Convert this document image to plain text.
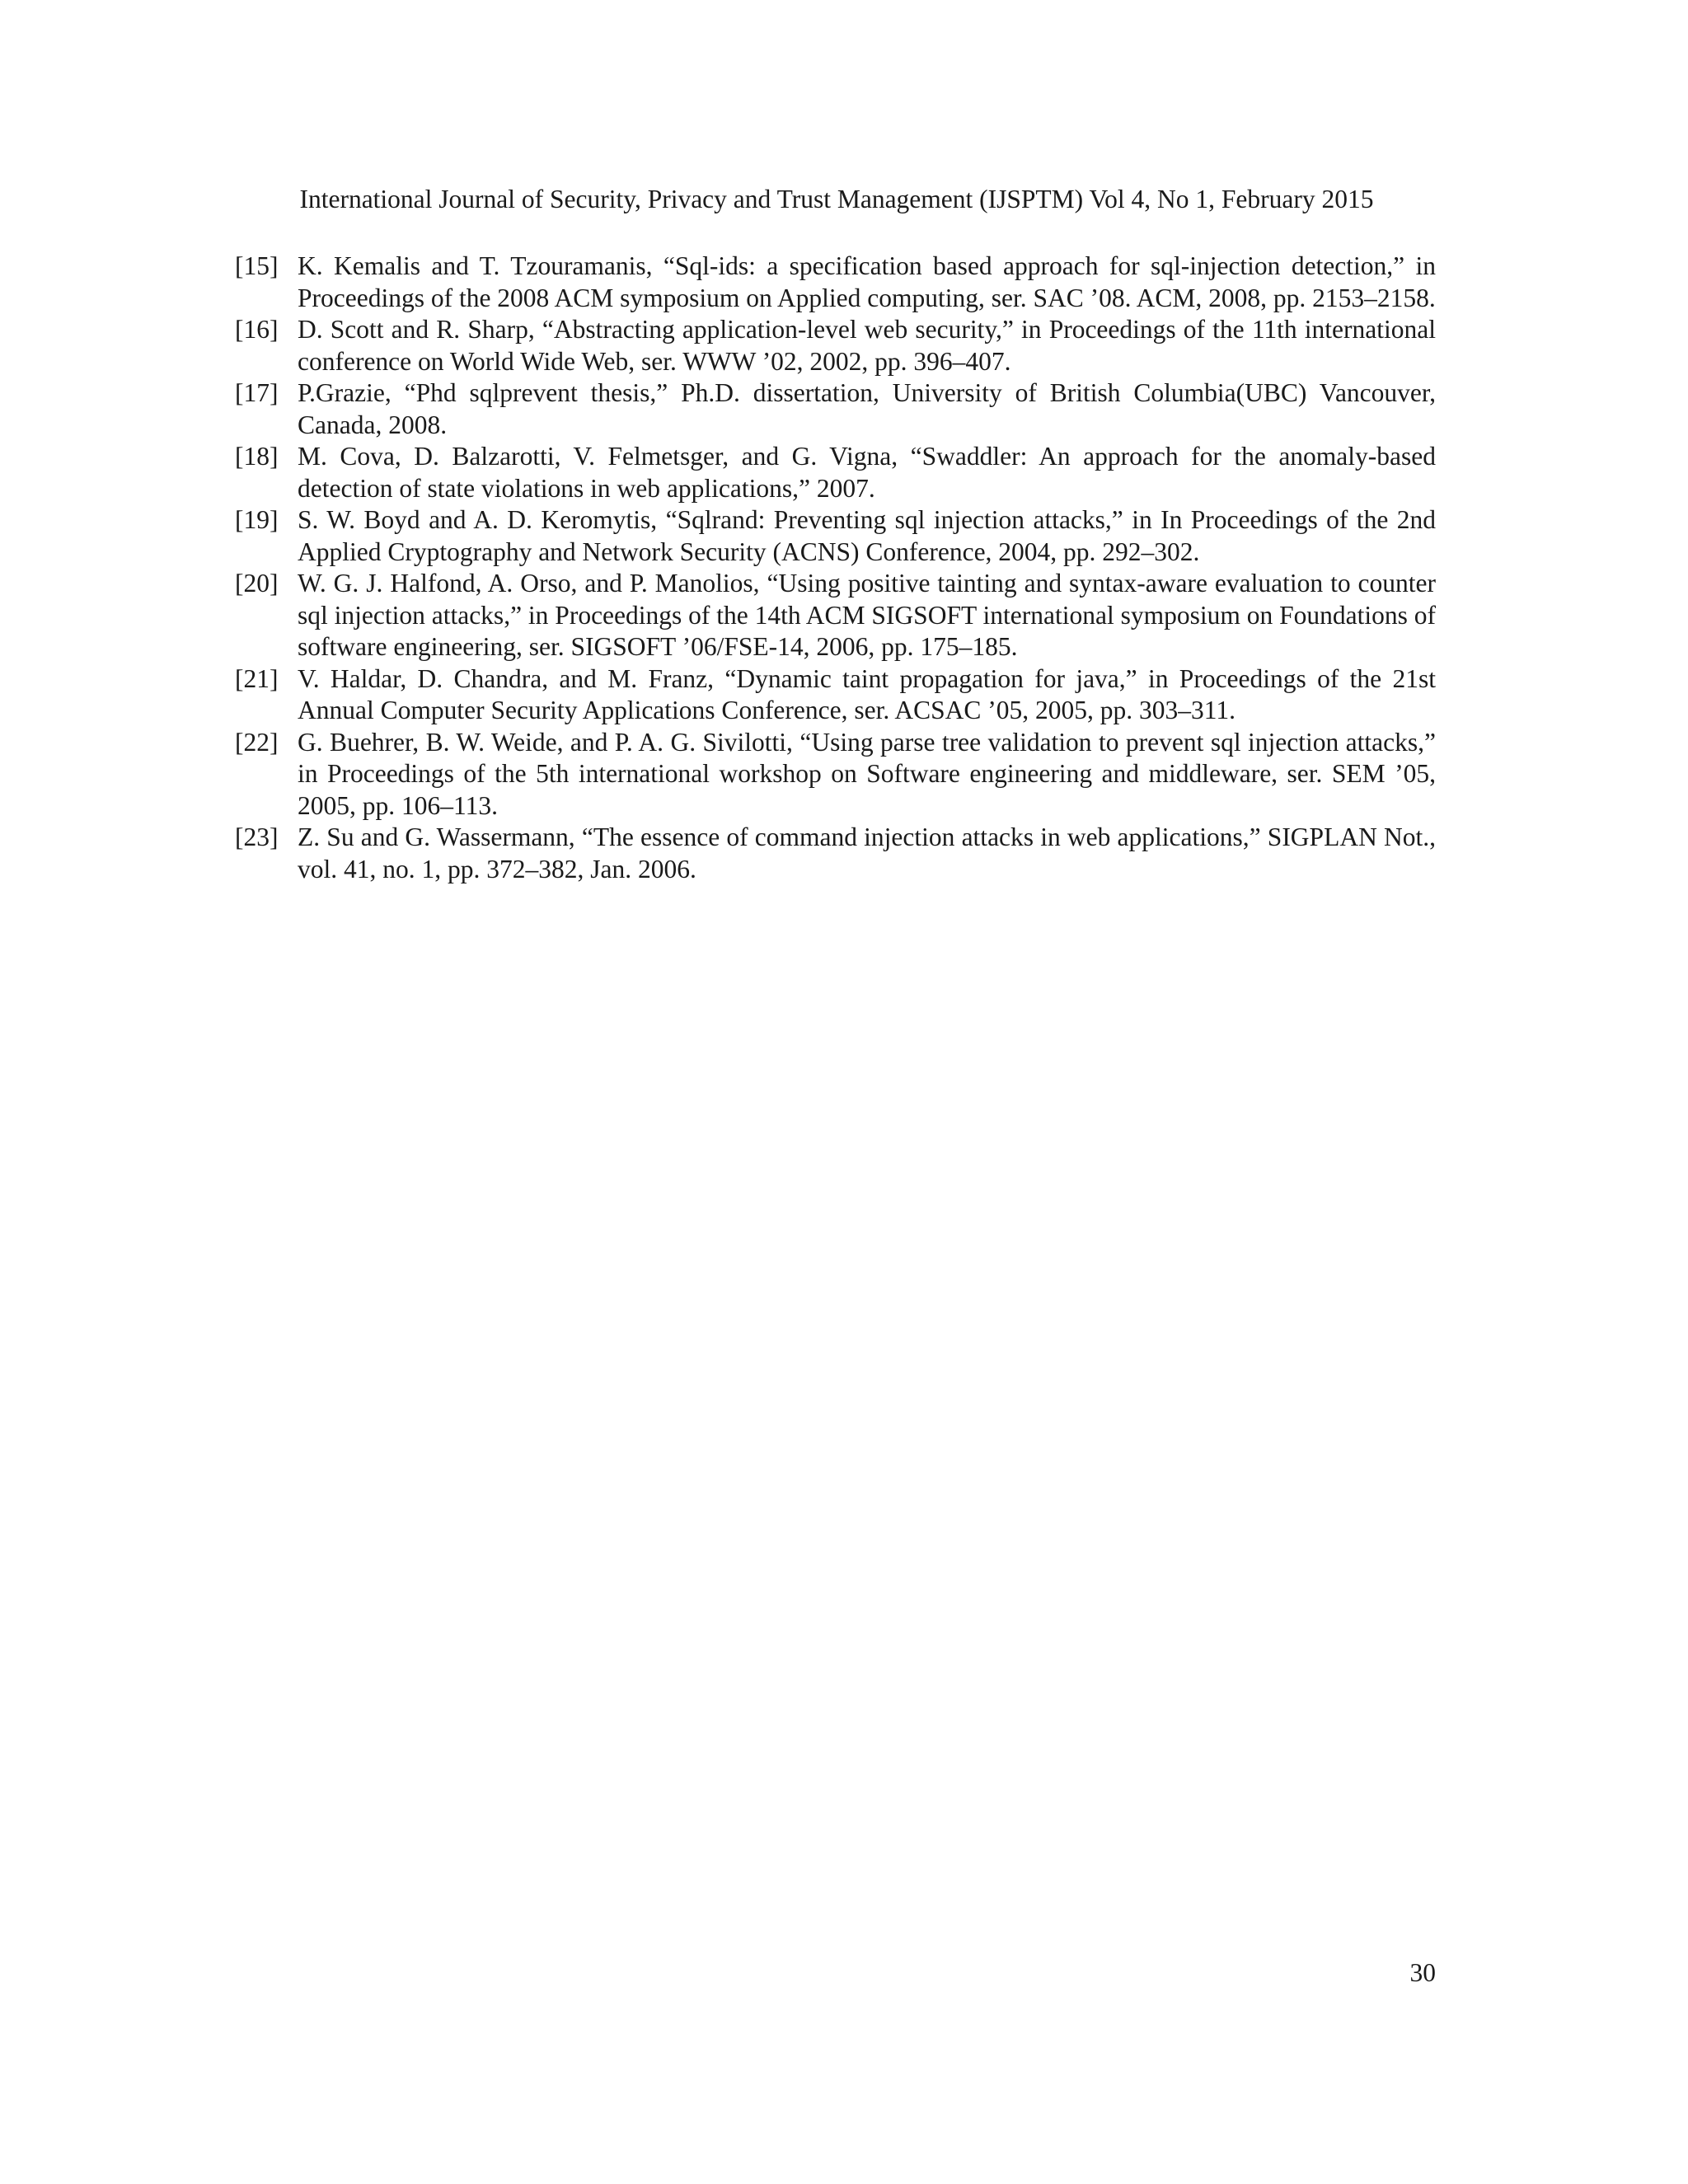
International Journal of Security, Privacy and Trust Management (IJSPTM) Vol 4, No 1, February 2015
[15] K. Kemalis and T. Tzouramanis, “Sql-ids: a specification based approach for sql-injection detection,” in Proceedings of the 2008 ACM symposium on Applied computing, ser. SAC ’08. ACM, 2008, pp. 2153–2158.
[16] D. Scott and R. Sharp, “Abstracting application-level web security,” in Proceedings of the 11th international conference on World Wide Web, ser. WWW ’02, 2002, pp. 396–407.
[17] P.Grazie, “Phd sqlprevent thesis,” Ph.D. dissertation, University of British Columbia(UBC) Vancouver, Canada, 2008.
[18] M. Cova, D. Balzarotti, V. Felmetsger, and G. Vigna, “Swaddler: An approach for the anomaly-based detection of state violations in web applications,” 2007.
[19] S. W. Boyd and A. D. Keromytis, “Sqlrand: Preventing sql injection attacks,” in In Proceedings of the 2nd Applied Cryptography and Network Security (ACNS) Conference, 2004, pp. 292–302.
[20] W. G. J. Halfond, A. Orso, and P. Manolios, “Using positive tainting and syntax-aware evaluation to counter sql injection attacks,” in Proceedings of the 14th ACM SIGSOFT international symposium on Foundations of software engineering, ser. SIGSOFT ’06/FSE-14, 2006, pp. 175–185.
[21] V. Haldar, D. Chandra, and M. Franz, “Dynamic taint propagation for java,” in Proceedings of the 21st Annual Computer Security Applications Conference, ser. ACSAC ’05, 2005, pp. 303–311.
[22] G. Buehrer, B. W. Weide, and P. A. G. Sivilotti, “Using parse tree validation to prevent sql injection attacks,” in Proceedings of the 5th international workshop on Software engineering and middleware, ser. SEM ’05, 2005, pp. 106–113.
[23] Z. Su and G. Wassermann, “The essence of command injection attacks in web applications,” SIGPLAN Not., vol. 41, no. 1, pp. 372–382, Jan. 2006.
30
